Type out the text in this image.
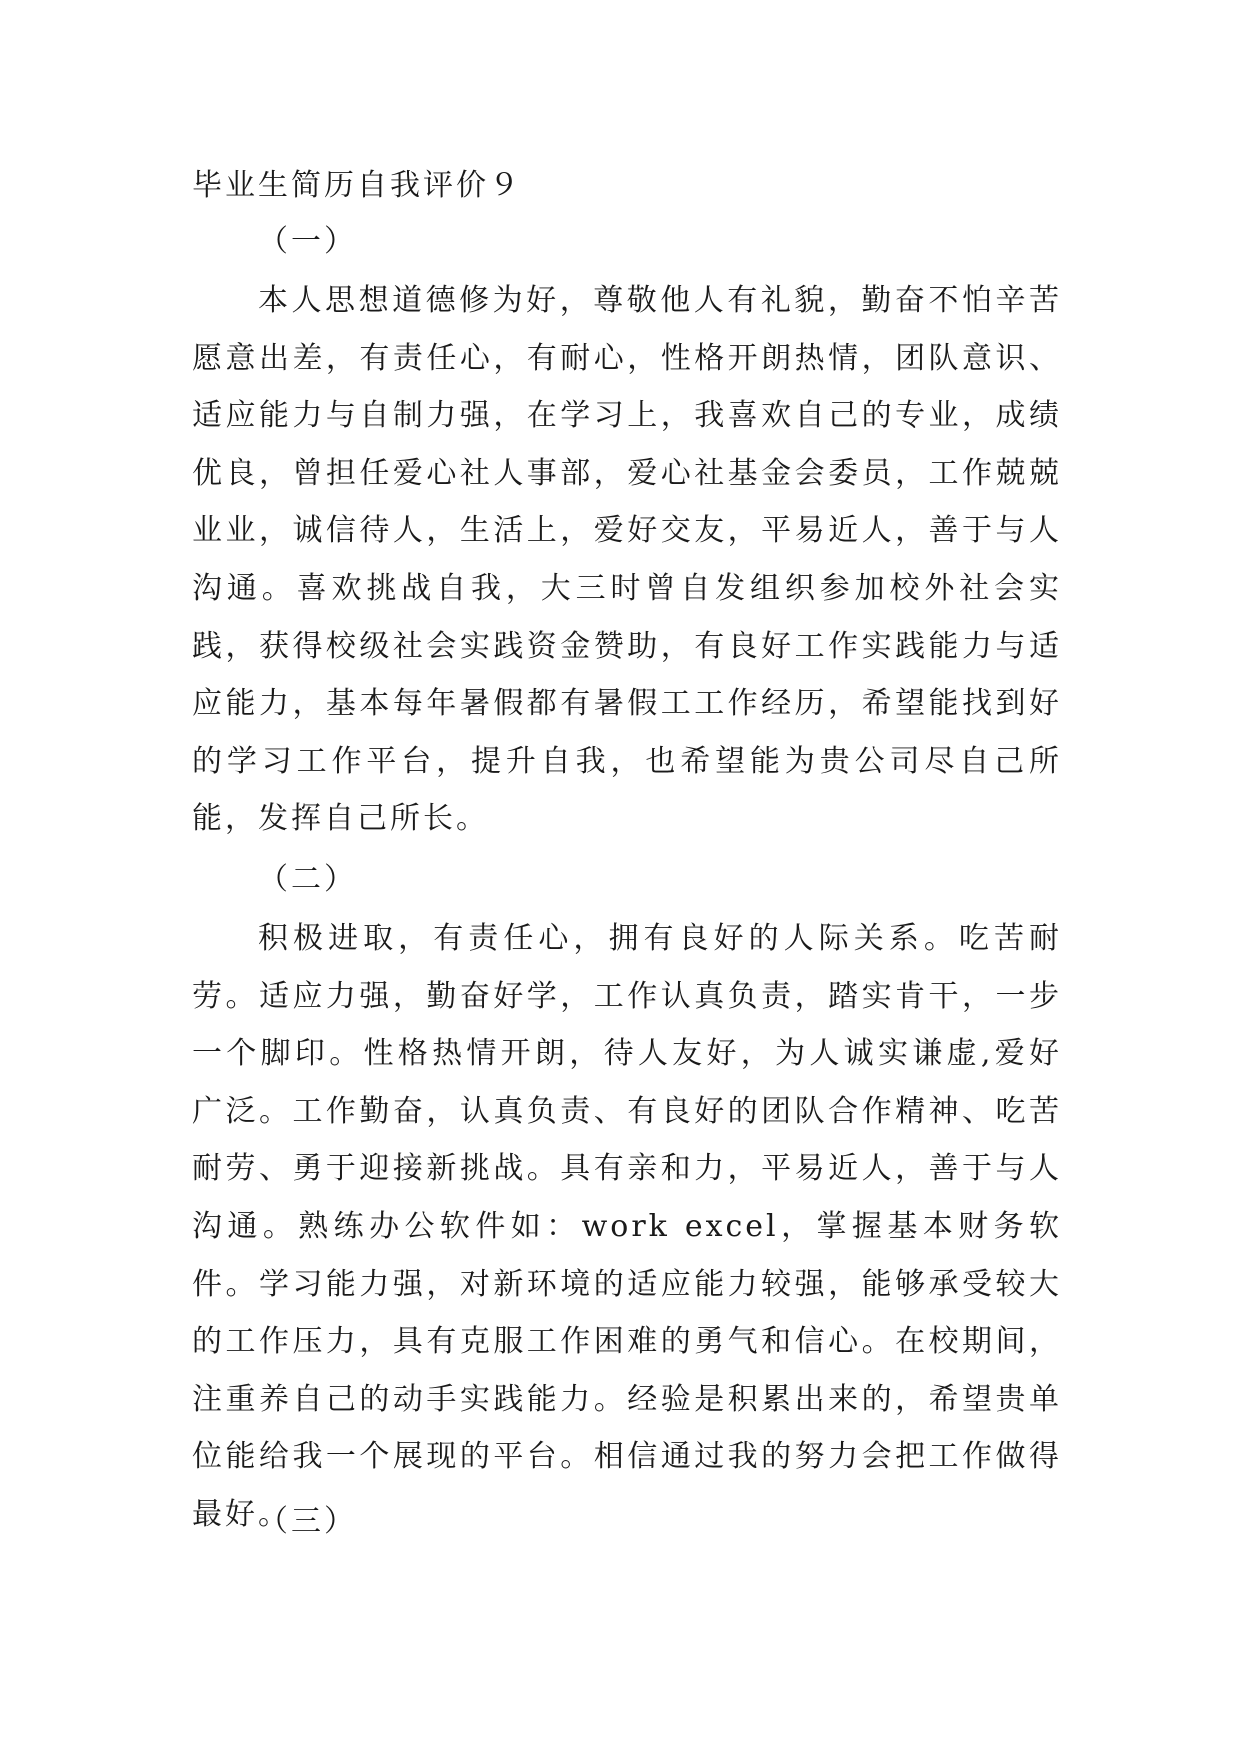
毕业生简历自我评价９
（一）

本人思想道德修为好，尊敬他人有礼貌，勤奋不怕辛苦愿意出差，有责任心，有耐心，性格开朗热情，团队意识、适应能力与自制力强，在学习上，我喜欢自己的专业，成绩优良，曾担任爱心社人事部，爱心社基金会委员，工作兢兢业业，诚信待人，生活上，爱好交友，平易近人，善于与人沟通。喜欢挑战自我，大三时曾自发组织参加校外社会实践，获得校级社会实践资金赞助，有良好工作实践能力与适应能力，基本每年暑假都有暑假工工作经历，希望能找到好的学习工作平台，提升自我，也希望能为贵公司尽自己所能，发挥自己所长。

（二）

积极进取，有责任心，拥有良好的人际关系。吃苦耐劳。适应力强，勤奋好学，工作认真负责，踏实肯干，一步一个脚印。性格热情开朗，待人友好，为人诚实谦虚,爱好广泛。工作勤奋，认真负责、有良好的团队合作精神、吃苦耐劳、勇于迎接新挑战。具有亲和力，平易近人，善于与人沟通。熟练办公软件如：work excel，掌握基本财务软件。学习能力强，对新环境的适应能力较强，能够承受较大的工作压力，具有克服工作困难的勇气和信心。在校期间，注重养自己的动手实践能力。经验是积累出来的，希望贵单位能给我一个展现的平台。相信通过我的努力会把工作做得最好。

（三）
